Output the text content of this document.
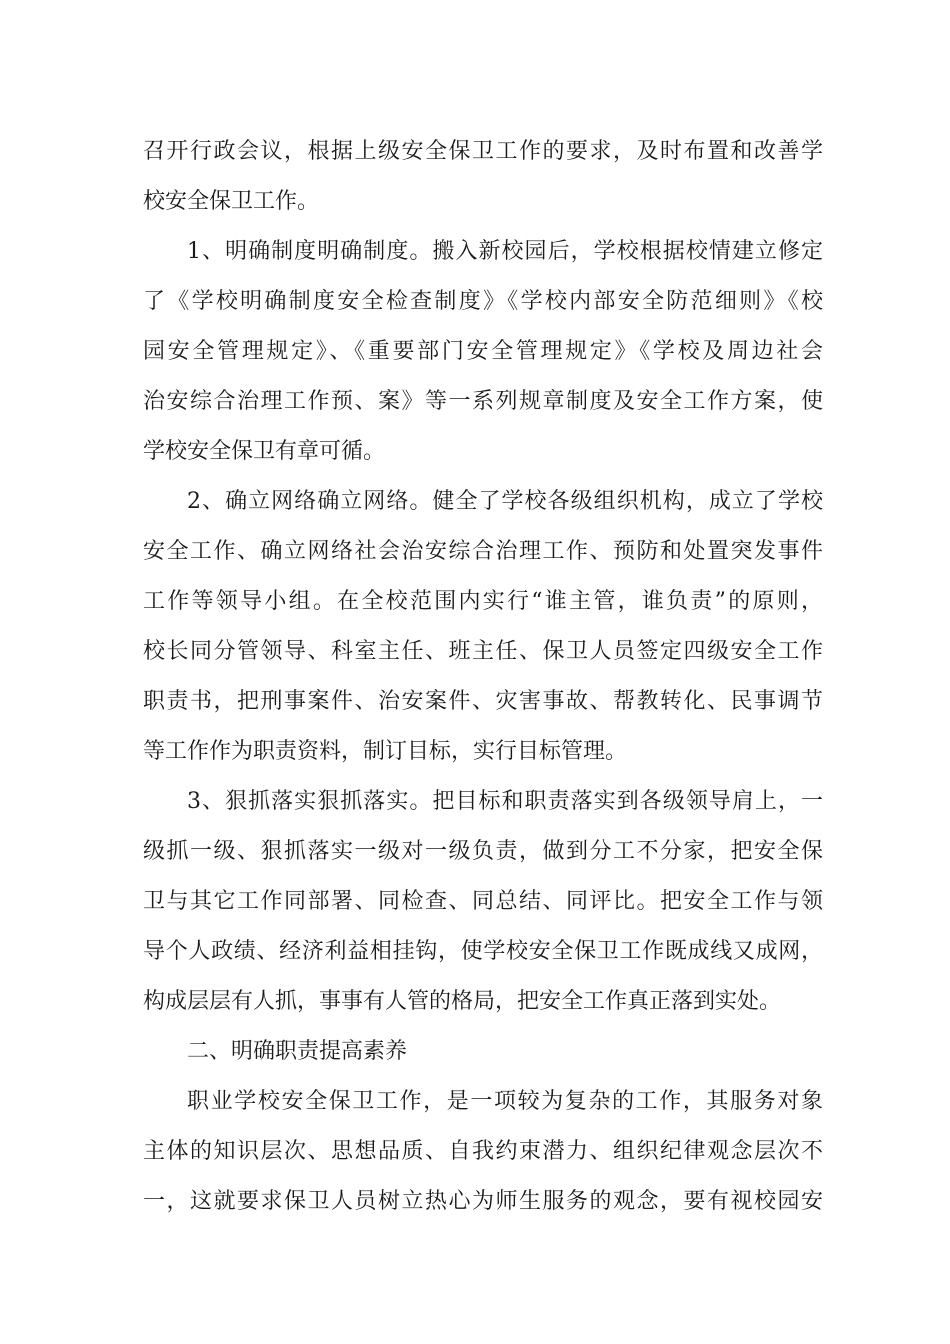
召开行政会议，根据上级安全保卫工作的要求，及时布置和改善学
校安全保卫工作。
1、明确制度明确制度。搬入新校园后，学校根据校情建立修定
了《学校明确制度安全检查制度》《学校内部安全防范细则》《校
园安全管理规定》、《重要部门安全管理规定》《学校及周边社会
治安综合治理工作预、案》等一系列规章制度及安全工作方案，使
学校安全保卫有章可循。
2、确立网络确立网络。健全了学校各级组织机构，成立了学校
安全工作、确立网络社会治安综合治理工作、预防和处置突发事件
工作等领导小组。在全校范围内实行“谁主管，谁负责”的原则，
校长同分管领导、科室主任、班主任、保卫人员签定四级安全工作
职责书，把刑事案件、治安案件、灾害事故、帮教转化、民事调节
等工作作为职责资料，制订目标，实行目标管理。
3、狠抓落实狠抓落实。把目标和职责落实到各级领导肩上，一
级抓一级、狠抓落实一级对一级负责，做到分工不分家，把安全保
卫与其它工作同部署、同检查、同总结、同评比。把安全工作与领
导个人政绩、经济利益相挂钩，使学校安全保卫工作既成线又成网，
构成层层有人抓，事事有人管的格局，把安全工作真正落到实处。
二、明确职责提高素养
职业学校安全保卫工作，是一项较为复杂的工作，其服务对象
主体的知识层次、思想品质、自我约束潜力、组织纪律观念层次不
一，这就要求保卫人员树立热心为师生服务的观念，要有视校园安
